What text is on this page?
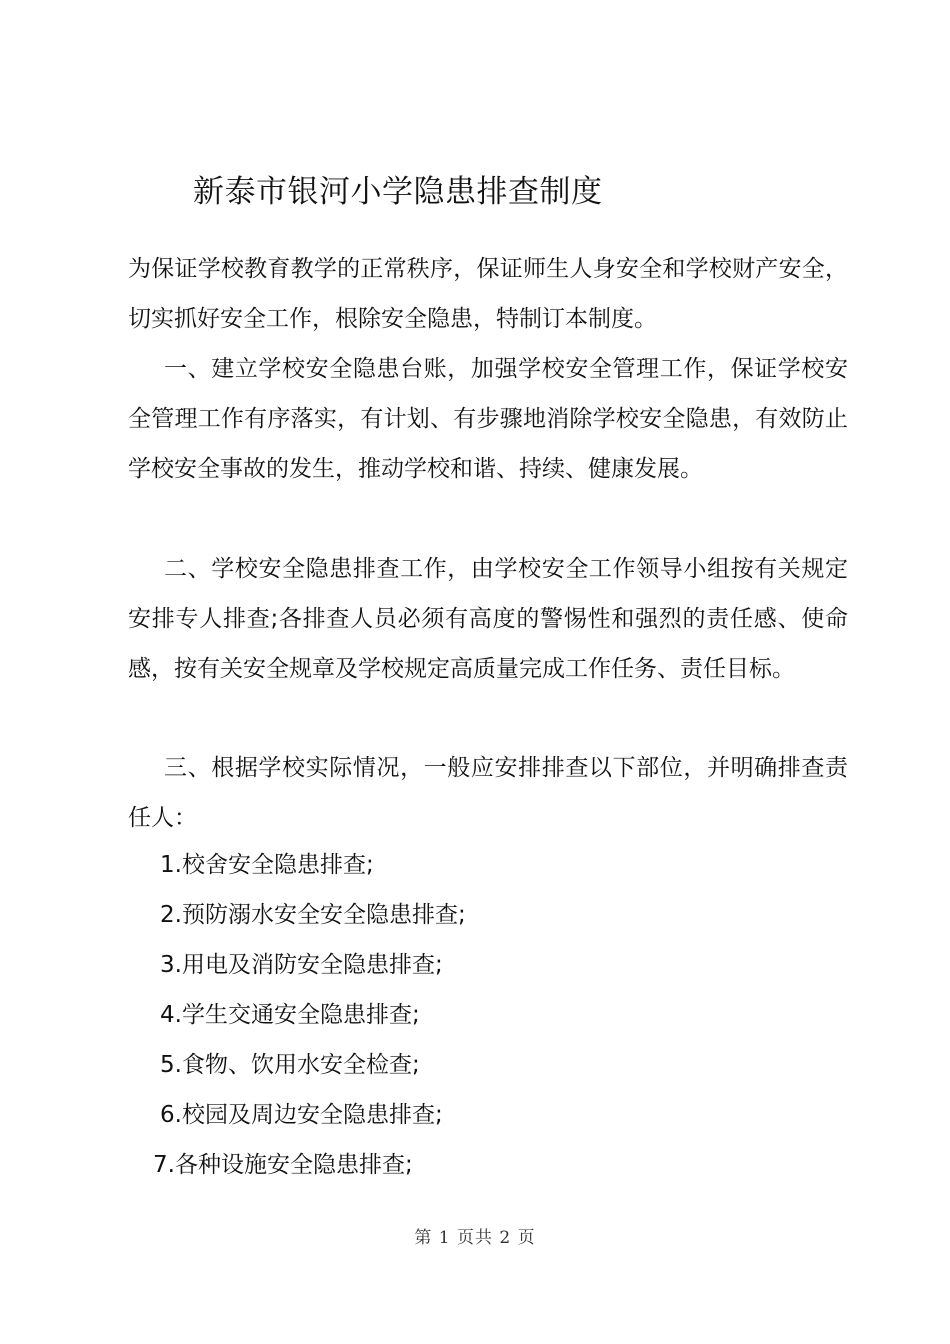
新泰市银河小学隐患排查制度
为保证学校教育教学的正常秩序，保证师生人身安全和学校财产安全，切实抓好安全工作，根除安全隐患，特制订本制度。
一、建立学校安全隐患台账，加强学校安全管理工作，保证学校安全管理工作有序落实，有计划、有步骤地消除学校安全隐患，有效防止学校安全事故的发生，推动学校和谐、持续、健康发展。
二、学校安全隐患排查工作，由学校安全工作领导小组按有关规定安排专人排查;各排查人员必须有高度的警惕性和强烈的责任感、使命感，按有关安全规章及学校规定高质量完成工作任务、责任目标。
三、根据学校实际情况，一般应安排排查以下部位，并明确排查责任人：
1.校舍安全隐患排查;
2.预防溺水安全安全隐患排查;
3.用电及消防安全隐患排查;
4.学生交通安全隐患排查;
5.食物、饮用水安全检查;
6.校园及周边安全隐患排查;
7.各种设施安全隐患排查;
第 1 页共 2 页
